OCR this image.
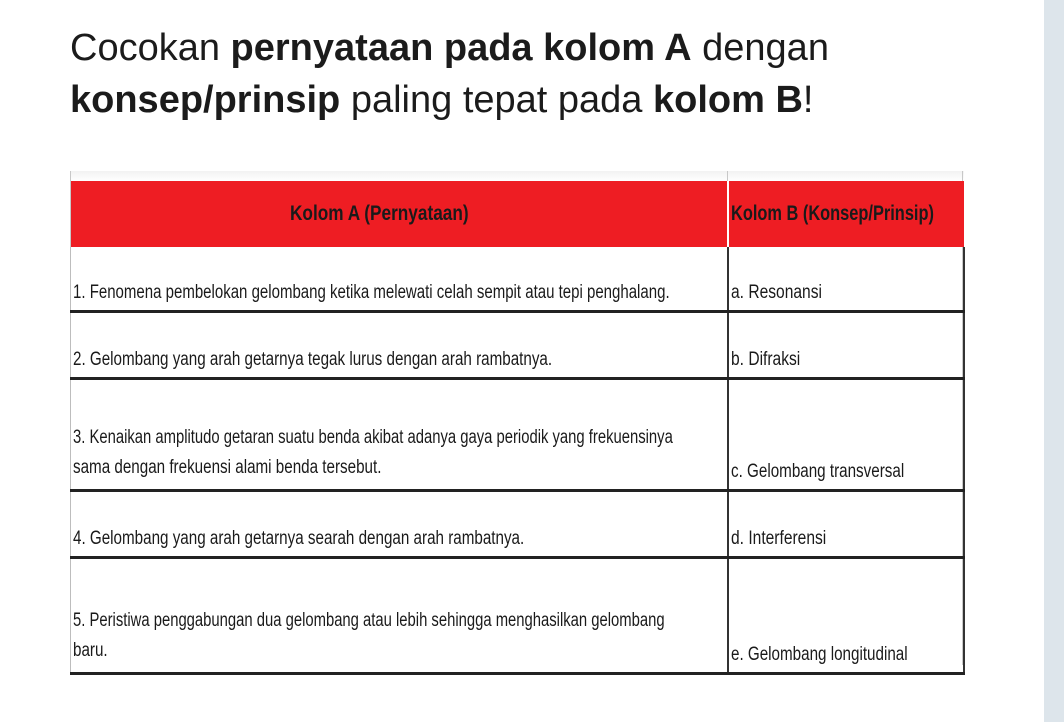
Cocokan pernyataan pada kolom A dengan
konsep/prinsip paling tepat pada kolom B!

Kolom A (Pernyataan)	Kolom B (Konsep/Prinsip)
1. Fenomena pembelokan gelombang ketika melewati celah sempit atau tepi penghalang.	a. Resonansi
2. Gelombang yang arah getarnya tegak lurus dengan arah rambatnya.	b. Difraksi
3. Kenaikan amplitudo getaran suatu benda akibat adanya gaya periodik yang frekuensinya
sama dengan frekuensi alami benda tersebut.	c. Gelombang transversal
4. Gelombang yang arah getarnya searah dengan arah rambatnya.	d. Interferensi
5. Peristiwa penggabungan dua gelombang atau lebih sehingga menghasilkan gelombang
baru.	e. Gelombang longitudinal
